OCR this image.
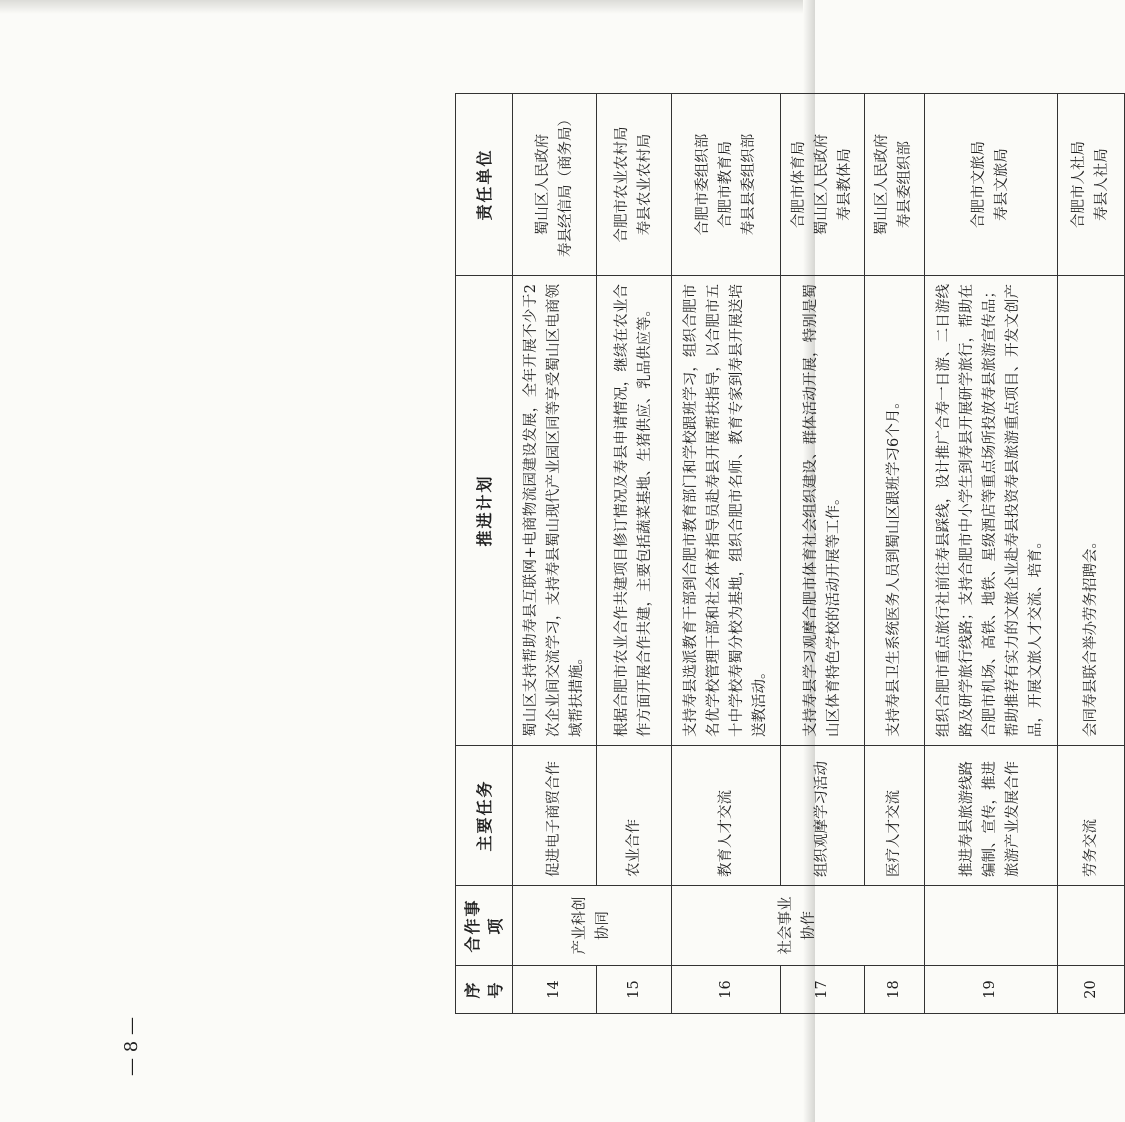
序号	合作事项	主要任务	推进计划	责任单位
14	产业科创协同	促进电子商贸合作	蜀山区支持帮助寿县互联网+电商物流园建设发展，全年开展不少于2次企业间交流学习，支持寿县蜀山现代产业园区同等享受蜀山区电商领域帮扶措施。	蜀山区人民政府
寿县经信局（商务局）
15		农业合作	根据合肥市农业合作共建项目修订情况及寿县申请情况，继续在农业合作方面开展合作共建，主要包括蔬菜基地、生猪供应、乳品供应等。	合肥市农业农村局
寿县农业农村局
16	社会事业协作	教育人才交流	支持寿县选派教育干部到合肥市教育部门和学校跟班学习，组织合肥市名优学校管理干部和社会体育指导员赴寿县开展帮扶指导，以合肥市五十中学校寿蜀分校为基地，组织合肥市名师、教育专家到寿县开展送培送教活动。	合肥市委组织部
合肥市教育局
寿县县委组织部
17		组织观摩学习活动	支持寿县学习观摩合肥市体育社会组织建设、群体活动开展，特别是蜀山区体育特色学校的活动开展等工作。	合肥市体育局
蜀山区人民政府
寿县教体局
18		医疗人才交流	支持寿县卫生系统医务人员到蜀山区跟班学习6个月。	蜀山区人民政府
寿县委组织部
19		推进寿县旅游线路编制、宣传，推进旅游产业发展合作	组织合肥市重点旅行社前往寿县踩线，设计推广合寿一日游、二日游线路及研学旅行线路；支持合肥市中小学生到寿县开展研学旅行，帮助在合肥市机场、高铁、地铁、星级酒店等重点场所投放寿县旅游宣传品；帮助推荐有实力的文旅企业赴寿县投资寿县旅游重点项目、开发文创产品，开展文旅人才交流、培育。	合肥市文旅局
寿县文旅局
20		劳务交流	会同寿县联合举办劳务招聘会。	合肥市人社局
寿县人社局
— 8 —
